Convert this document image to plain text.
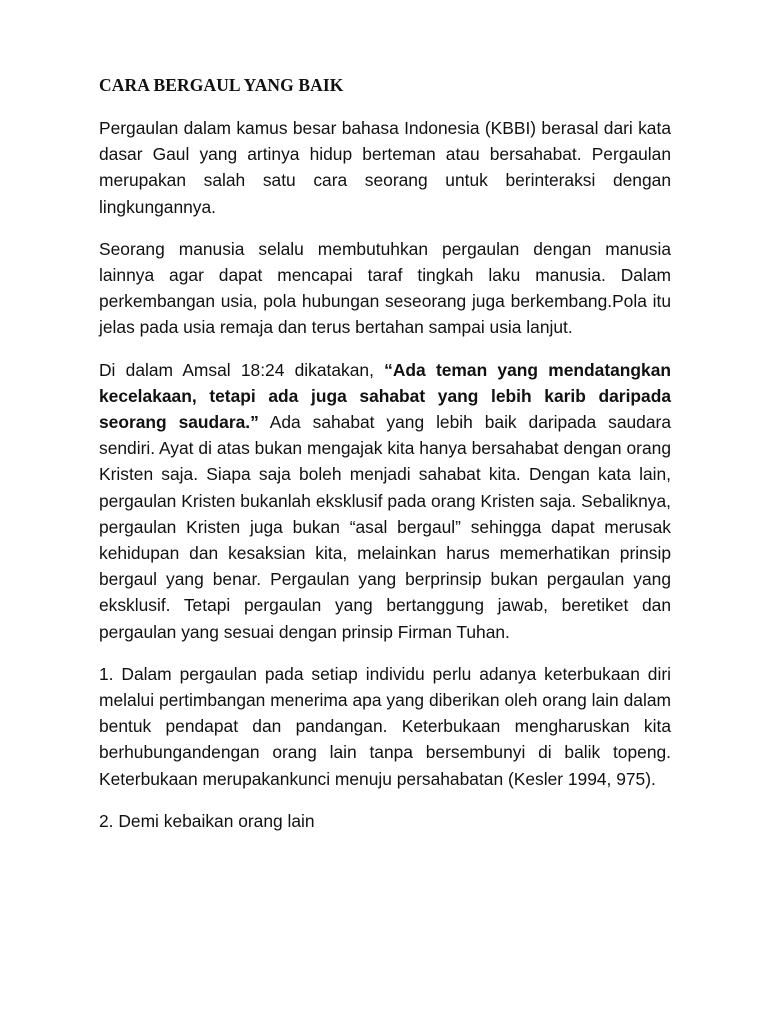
CARA BERGAUL YANG BAIK

Pergaulan dalam kamus besar bahasa Indonesia (KBBI) berasal dari kata dasar Gaul yang artinya hidup berteman atau bersahabat. Pergaulan merupakan salah satu cara seorang untuk berinteraksi dengan lingkungannya.

Seorang manusia selalu membutuhkan pergaulan dengan manusia lainnya agar dapat mencapai taraf tingkah laku manusia. Dalam perkembangan usia, pola hubungan seseorang juga berkembang.Pola itu jelas pada usia remaja dan terus bertahan sampai usia lanjut.

Di dalam Amsal 18:24 dikatakan, “Ada teman yang mendatangkan kecelakaan, tetapi ada juga sahabat yang lebih karib daripada seorang saudara.” Ada sahabat yang lebih baik daripada saudara sendiri. Ayat di atas bukan mengajak kita hanya bersahabat dengan orang Kristen saja. Siapa saja boleh menjadi sahabat kita. Dengan kata lain, pergaulan Kristen bukanlah eksklusif pada orang Kristen saja. Sebaliknya, pergaulan Kristen juga bukan “asal bergaul” sehingga dapat merusak kehidupan dan kesaksian kita, melainkan harus memerhatikan prinsip bergaul yang benar. Pergaulan yang berprinsip bukan pergaulan yang eksklusif. Tetapi pergaulan yang bertanggung jawab, beretiket dan pergaulan yang sesuai dengan prinsip Firman Tuhan.

1. Dalam pergaulan pada setiap individu perlu adanya keterbukaan diri melalui pertimbangan menerima apa yang diberikan oleh orang lain dalam bentuk pendapat dan pandangan. Keterbukaan mengharuskan kita berhubungandengan orang lain tanpa bersembunyi di balik topeng. Keterbukaan merupakankunci menuju persahabatan (Kesler 1994, 975).

2. Demi kebaikan orang lain
